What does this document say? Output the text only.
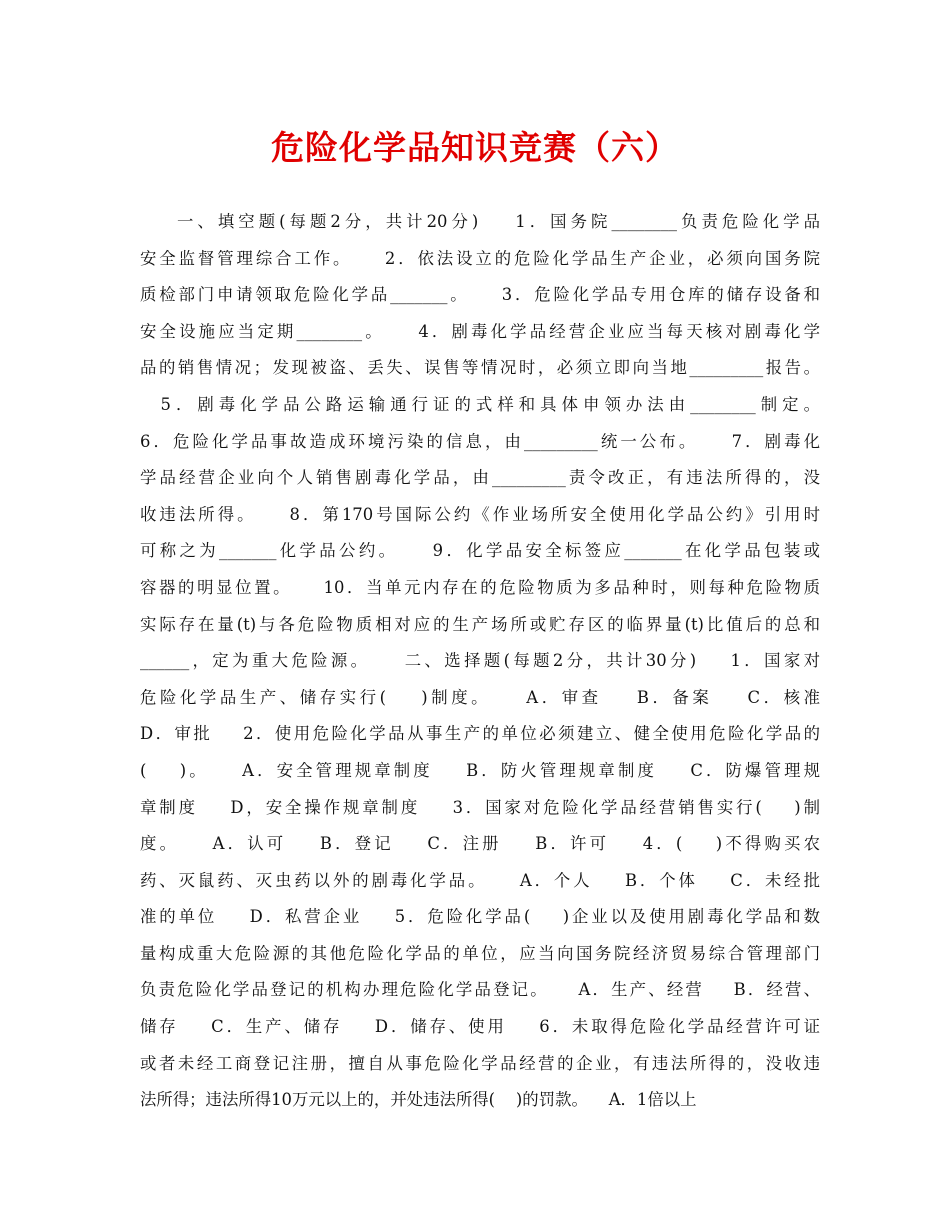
危险化学品知识竞赛（六）
一、填空题(每题2分，共计20分)    1．国务院________负责危险化学品
安全监督管理综合工作。    2．依法设立的危险化学品生产企业，必须向国务院
质检部门申请领取危险化学品_______。    3．危险化学品专用仓库的储存设备和
安全设施应当定期________。    4．剧毒化学品经营企业应当每天核对剧毒化学
品的销售情况；发现被盗、丢失、误售等情况时，必须立即向当地_________报告。
5．剧毒化学品公路运输通行证的式样和具体申领办法由________制定。
6．危险化学品事故造成环境污染的信息，由_________统一公布。    7．剧毒化
学品经营企业向个人销售剧毒化学品，由_________责令改正，有违法所得的，没
收违法所得。    8．第170号国际公约《作业场所安全使用化学品公约》引用时
可称之为_______化学品公约。    9．化学品安全标签应_______在化学品包装或
容器的明显位置。    10．当单元内存在的危险物质为多品种时，则每种危险物质
实际存在量(t)与各危险物质相对应的生产场所或贮存区的临界量(t)比值后的总和
______，定为重大危险源。    二、选择题(每题2分，共计30分)    1．国家对
危险化学品生产、储存实行(    )制度。    A．审查    B．备案    C．核准
D．审批    2．使用危险化学品从事生产的单位必须建立、健全使用危险化学品的
(    )。    A．安全管理规章制度    B．防火管理规章制度    C．防爆管理规
章制度    D，安全操作规章制度    3．国家对危险化学品经营销售实行(    )制
度。    A．认可    B．登记    C．注册    B．许可    4．(    )不得购买农
药、灭鼠药、灭虫药以外的剧毒化学品。    A．个人    B．个体    C．未经批
准的单位    D．私营企业    5．危险化学品(    )企业以及使用剧毒化学品和数
量构成重大危险源的其他危险化学品的单位，应当向国务院经济贸易综合管理部门
负责危险化学品登记的机构办理危险化学品登记。    A．生产、经营    B．经营、
储存    C．生产、储存    D．储存、使用    6．未取得危险化学品经营许可证
或者未经工商登记注册，擅自从事危险化学品经营的企业，有违法所得的，没收违
法所得；违法所得10万元以上的，并处违法所得(    )的罚款。    A．1倍以上
